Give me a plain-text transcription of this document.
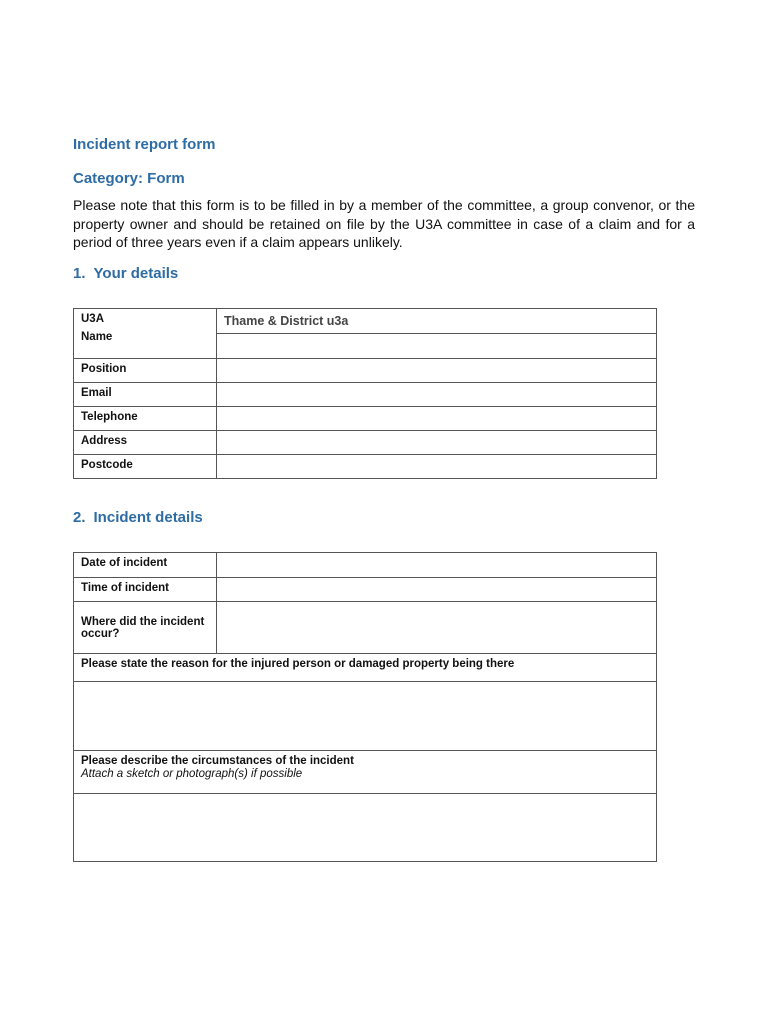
Incident report form
Category: Form

Please note that this form is to be filled in by a member of the committee, a group convenor, or the property owner and should be retained on file by the U3A committee in case of a claim and for a period of three years even if a claim appears unlikely.

1. Your details
U3A
Name	Thame & District u3a

Position	
Email	
Telephone	
Address	
Postcode	
2. Incident details
Date of incident	
Time of incident	
Where did the incident occur?	
Please state the reason for the injured person or damaged property being there	

Please describe the circumstances of the incident
Attach a sketch or photograph(s) if possible	
